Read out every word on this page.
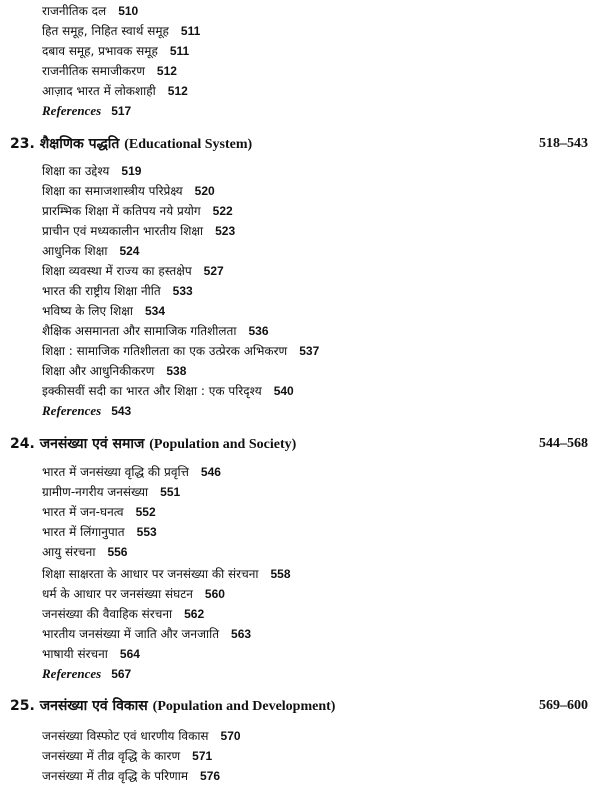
राजनीतिक दल 510
हित समूह, निहित स्वार्थ समूह 511
दबाव समूह, प्रभावक समूह 511
राजनीतिक समाजीकरण 512
आज़ाद भारत में लोकशाही 512
References 517
23. शैक्षणिक पद्धति (Educational System)	518–543
शिक्षा का उद्देश्य 519
शिक्षा का समाजशास्त्रीय परिप्रेक्ष्य 520
प्रारम्भिक शिक्षा में कतिपय नये प्रयोग 522
प्राचीन एवं मध्यकालीन भारतीय शिक्षा 523
आधुनिक शिक्षा 524
शिक्षा व्यवस्था में राज्य का हस्तक्षेप 527
भारत की राष्ट्रीय शिक्षा नीति 533
भविष्य के लिए शिक्षा 534
शैक्षिक असमानता और सामाजिक गतिशीलता 536
शिक्षा : सामाजिक गतिशीलता का एक उत्प्रेरक अभिकरण 537
शिक्षा और आधुनिकीकरण 538
इक्कीसवीं सदी का भारत और शिक्षा : एक परिदृश्य 540
References 543
24. जनसंख्या एवं समाज (Population and Society)	544–568
भारत में जनसंख्या वृद्धि की प्रवृत्ति 546
ग्रामीण-नगरीय जनसंख्या 551
भारत में जन-घनत्व 552
भारत में लिंगानुपात 553
आयु संरचना 556
शिक्षा साक्षरता के आधार पर जनसंख्या की संरचना 558
धर्म के आधार पर जनसंख्या संघटन 560
जनसंख्या की वैवाहिक संरचना 562
भारतीय जनसंख्या में जाति और जनजाति 563
भाषायी संरचना 564
References 567
25. जनसंख्या एवं विकास (Population and Development)	569–600
जनसंख्या विस्फोट एवं धारणीय विकास 570
जनसंख्या में तीव्र वृद्धि के कारण 571
जनसंख्या में तीव्र वृद्धि के परिणाम 576
